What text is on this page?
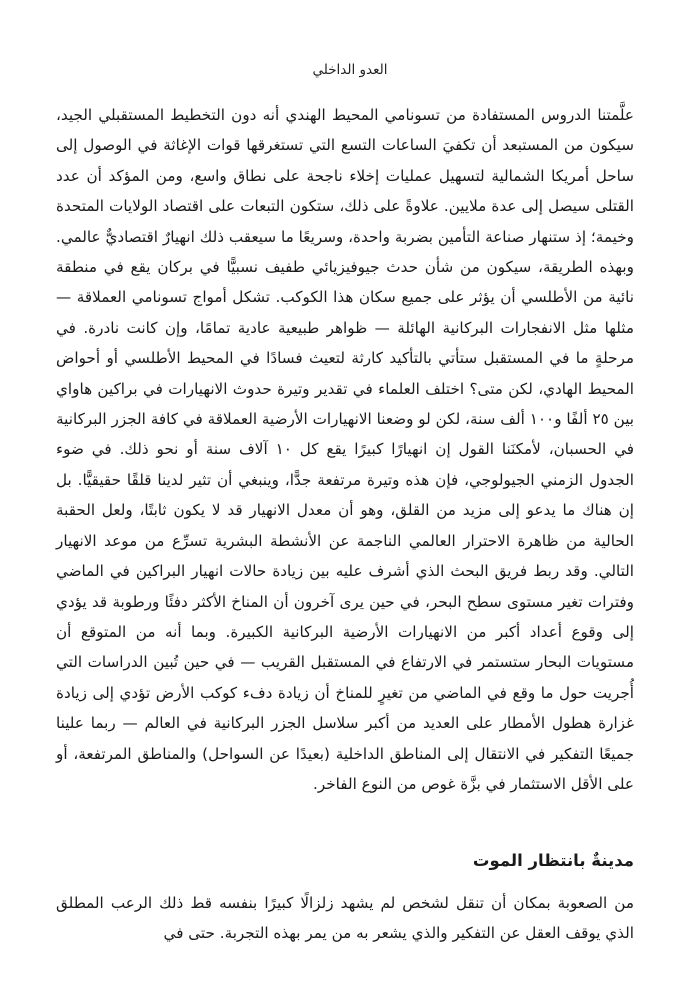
العدو الداخلي

علَّمتنا الدروس المستفادة من تسونامي المحيط الهندي أنه دون التخطيط المستقبلي الجيد، سيكون من المستبعد أن تكفيَ الساعات التسع التي تستغرقها قوات الإغاثة في الوصول إلى ساحل أمريكا الشمالية لتسهيل عمليات إخلاء ناجحة على نطاق واسع، ومن المؤكد أن عدد القتلى سيصل إلى عدة ملايين. علاوةً على ذلك، ستكون التبعات على اقتصاد الولايات المتحدة وخيمة؛ إذ ستنهار صناعة التأمين بضربة واحدة، وسريعًا ما سيعقب ذلك انهيارٌ اقتصاديٌّ عالمي. وبهذه الطريقة، سيكون من شأن حدث جيوفيزيائي طفيف نسبيًّا في بركان يقع في منطقة نائية من الأطلسي أن يؤثر على جميع سكان هذا الكوكب. تشكل أمواج تسونامي العملاقة — مثلها مثل الانفجارات البركانية الهائلة — ظواهر طبيعية عادية تمامًا، وإن كانت نادرة. في مرحلةٍ ما في المستقبل ستأتي بالتأكيد كارثة لتعيث فسادًا في المحيط الأطلسي أو أحواض المحيط الهادي، لكن متى؟ اختلف العلماء في تقدير وتيرة حدوث الانهيارات في براكين هاواي بين ٢٥ ألفًا و١٠٠ ألف سنة، لكن لو وضعنا الانهيارات الأرضية العملاقة في كافة الجزر البركانية في الحسبان، لأمكنَنا القول إن انهيارًا كبيرًا يقع كل ١٠ آلاف سنة أو نحو ذلك. في ضوء الجدول الزمني الجيولوجي، فإن هذه وتيرة مرتفعة جدًّا، وينبغي أن تثير لدينا قلقًا حقيقيًّا. بل إن هناك ما يدعو إلى مزيد من القلق، وهو أن معدل الانهيار قد لا يكون ثابتًا، ولعل الحقبة الحالية من ظاهرة الاحترار العالمي الناجمة عن الأنشطة البشرية تسرِّع من موعد الانهيار التالي. وقد ربط فريق البحث الذي أشرف عليه بين زيادة حالات انهيار البراكين في الماضي وفترات تغير مستوى سطح البحر، في حين يرى آخرون أن المناخ الأكثر دفئًا ورطوبة قد يؤدي إلى وقوع أعداد أكبر من الانهيارات الأرضية البركانية الكبيرة. وبما أنه من المتوقع أن مستويات البحار ستستمر في الارتفاع في المستقبل القريب — في حين تُبين الدراسات التي أُجريت حول ما وقع في الماضي من تغيرٍ للمناخ أن زيادة دفء كوكب الأرض تؤدي إلى زيادة غزارة هطول الأمطار على العديد من أكبر سلاسل الجزر البركانية في العالم — ربما علينا جميعًا التفكير في الانتقال إلى المناطق الداخلية (بعيدًا عن السواحل) والمناطق المرتفعة، أو على الأقل الاستثمار في بزَّة غوص من النوع الفاخر.

مدينةٌ بانتظار الموت

من الصعوبة بمكان أن تنقل لشخص لم يشهد زلزالًا كبيرًا بنفسه قط ذلك الرعب المطلق الذي يوقف العقل عن التفكير والذي يشعر به من يمر بهذه التجربة. حتى في
